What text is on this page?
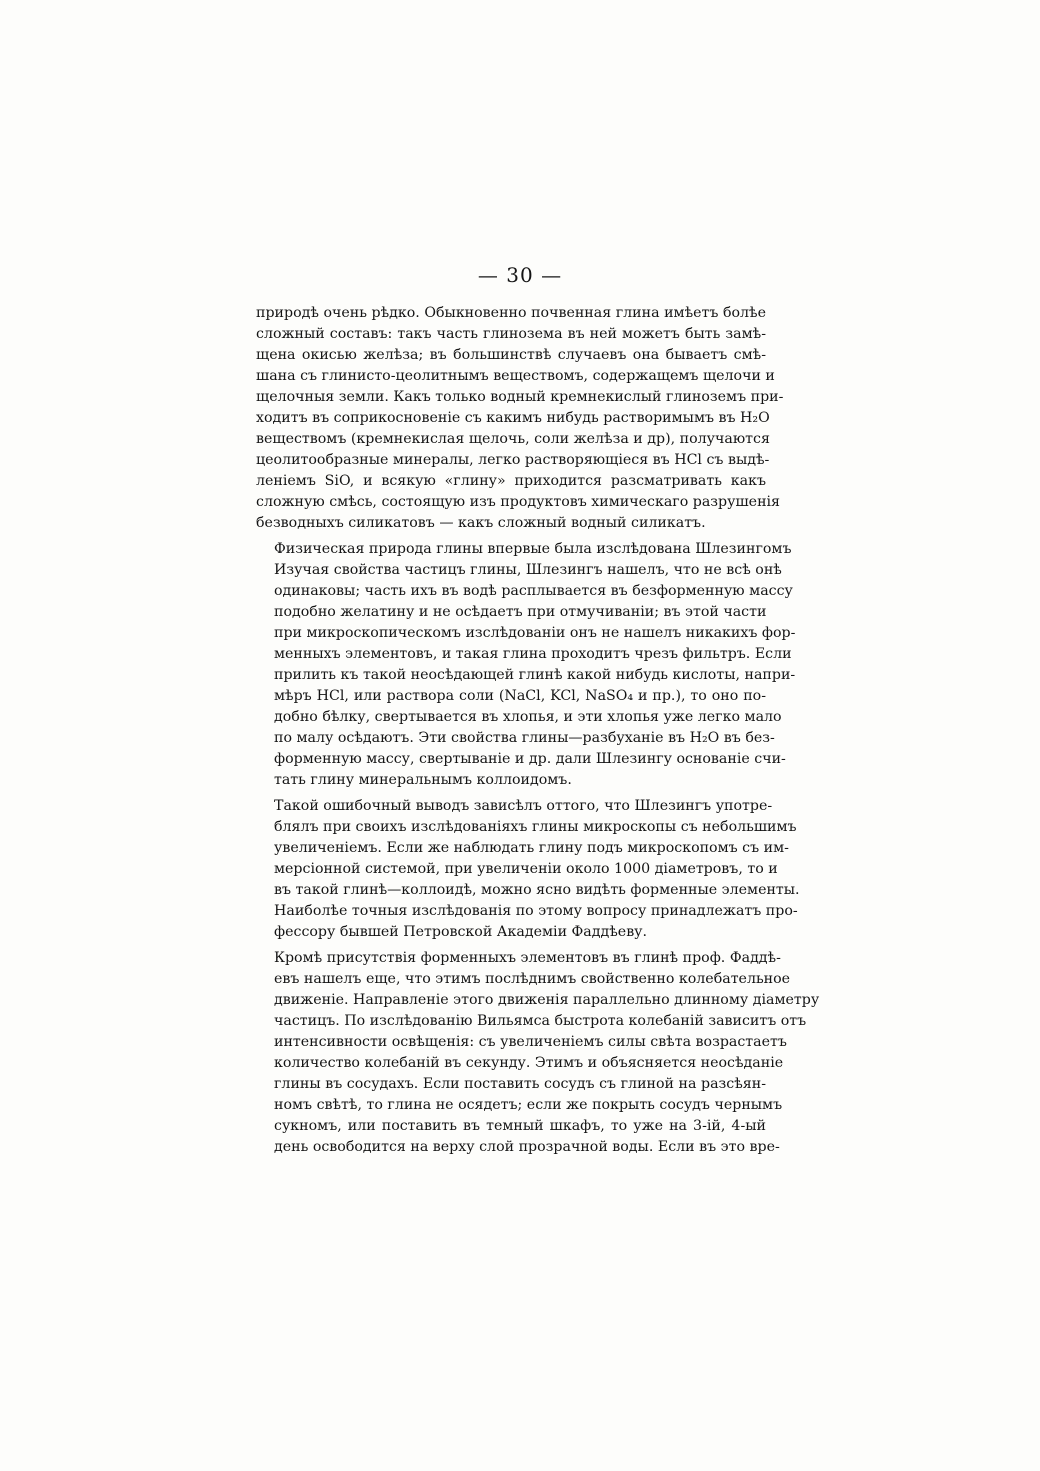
— 30 —

природѣ очень рѣдко. Обыкновенно почвенная глина имѣетъ болѣе
сложный составъ: такъ часть глинозема въ ней можетъ быть замѣ-
щена окисью желѣза; въ большинствѣ случаевъ она бываетъ смѣ-
шана съ глинисто-цеолитнымъ веществомъ, содержащемъ щелочи и
щелочныя земли. Какъ только водный кремнекислый глиноземъ при-
ходитъ въ соприкосновеніе съ какимъ нибудь растворимымъ въ H₂O
веществомъ (кремнекислая щелочь, соли желѣза и др), получаются
цеолитообразные минералы, легко растворяющіеся въ HCl съ выдѣ-
леніемъ SiO, и всякую «глину» приходится разсматривать какъ
сложную смѣсь, состоящую изъ продуктовъ химическаго разрушенія
безводныхъ силикатовъ — какъ сложный водный силикатъ.

Физическая природа глины впервые была изслѣдована Шлезингомъ
Изучая свойства частицъ глины, Шлезингъ нашелъ, что не всѣ онѣ
одинаковы; часть ихъ въ водѣ расплывается въ безформенную массу
подобно желатину и не осѣдаетъ при отмучиваніи; въ этой части
при микроскопическомъ изслѣдованіи онъ не нашелъ никакихъ фор-
менныхъ элементовъ, и такая глина проходитъ чрезъ фильтръ. Если
прилить къ такой неосѣдающей глинѣ какой нибудь кислоты, напри-
мѣръ HCl, или раствора соли (NaCl, KCl, NaSO₄ и пр.), то оно по-
добно бѣлку, свертывается въ хлопья, и эти хлопья уже легко мало
по малу осѣдаютъ. Эти свойства глины—разбуханіе въ H₂O въ без-
форменную массу, свертываніе и др. дали Шлезингу основаніе счи-
тать глину минеральнымъ коллоидомъ.

Такой ошибочный выводъ зависѣлъ оттого, что Шлезингъ употре-
блялъ при своихъ изслѣдованіяхъ глины микроскопы съ небольшимъ
увеличеніемъ. Если же наблюдать глину подъ микроскопомъ съ им-
мерсіонной системой, при увеличеніи около 1000 діаметровъ, то и
въ такой глинѣ—коллоидѣ, можно ясно видѣть форменные элементы.
Наиболѣе точныя изслѣдованія по этому вопросу принадлежатъ про-
фессору бывшей Петровской Академіи Фаддѣеву.

Кромѣ присутствія форменныхъ элементовъ въ глинѣ проф. Фаддѣ-
евъ нашелъ еще, что этимъ послѣднимъ свойственно колебательное
движеніе. Направленіе этого движенія параллельно длинному діаметру
частицъ. По изслѣдованію Вильямса быстрота колебаній зависитъ отъ
интенсивности освѣщенія: съ увеличеніемъ силы свѣта возрастаетъ
количество колебаній въ секунду. Этимъ и объясняется неосѣданіе
глины въ сосудахъ. Если поставить сосудъ съ глиной на разсѣян-
номъ свѣтѣ, то глина не осядетъ; если же покрыть сосудъ чернымъ
сукномъ, или поставить въ темный шкафъ, то уже на 3-ій, 4-ый
день освободится на верху слой прозрачной воды. Если въ это вре-
